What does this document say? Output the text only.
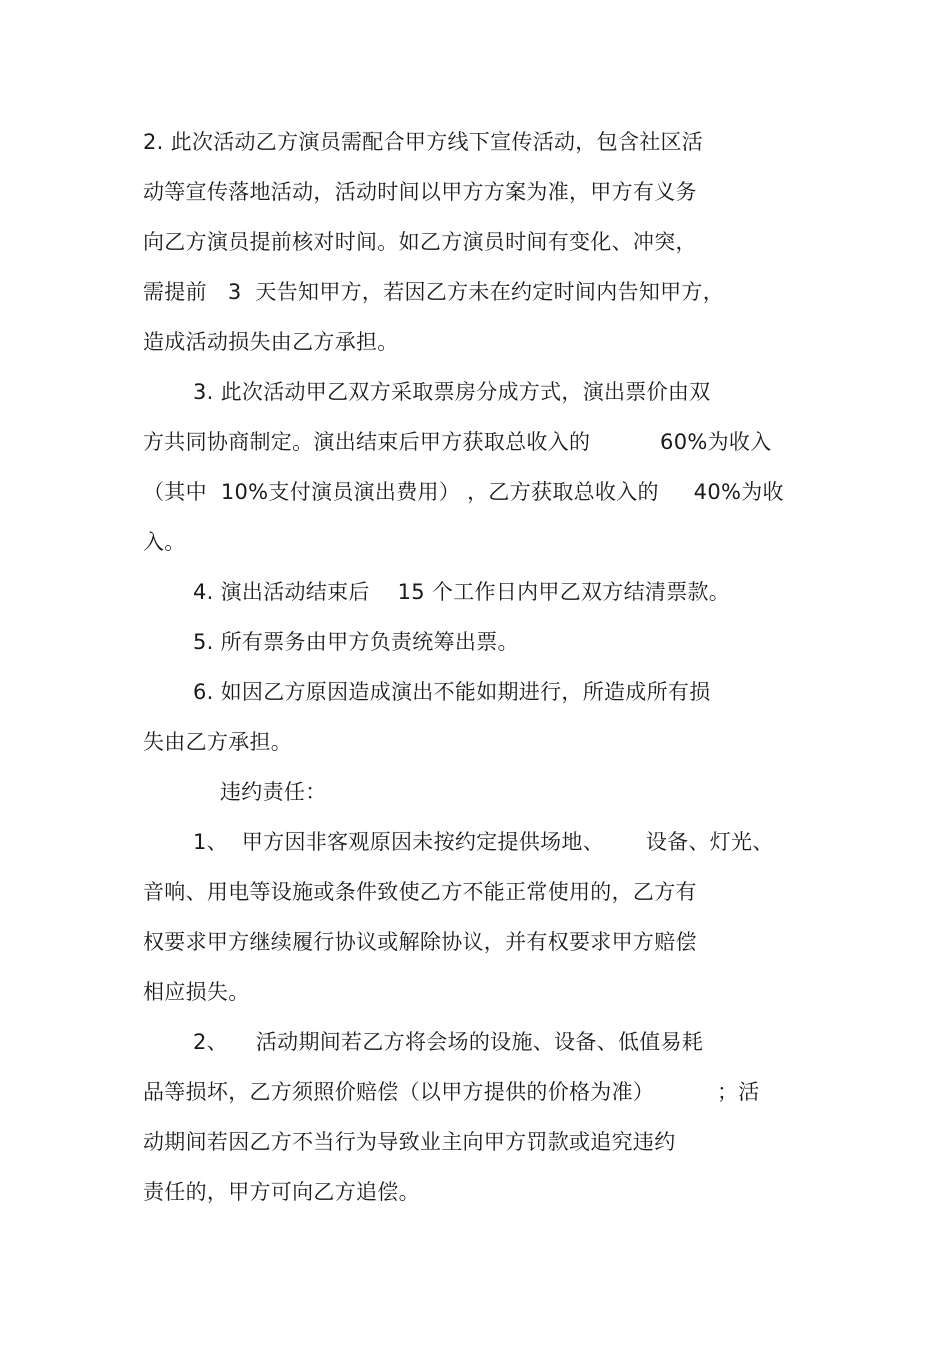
2. 此次活动乙方演员需配合甲方线下宣传活动，包含社区活
动等宣传落地活动，活动时间以甲方方案为准，甲方有义务
向乙方演员提前核对时间。如乙方演员时间有变化、冲突，
需提前   3  天告知甲方，若因乙方未在约定时间内告知甲方，
造成活动损失由乙方承担。
3. 此次活动甲乙双方采取票房分成方式，演出票价由双
方共同协商制定。演出结束后甲方获取总收入的          60%为收入
（其中  10%支付演员演出费用） ，乙方获取总收入的     40%为收
入。
4. 演出活动结束后    15 个工作日内甲乙双方结清票款。
5. 所有票务由甲方负责统筹出票。
6. 如因乙方原因造成演出不能如期进行，所造成所有损
失由乙方承担。
违约责任：
1、  甲方因非客观原因未按约定提供场地、      设备、灯光、
音响、用电等设施或条件致使乙方不能正常使用的，乙方有
权要求甲方继续履行协议或解除协议，并有权要求甲方赔偿
相应损失。
2、    活动期间若乙方将会场的设施、设备、低值易耗
品等损坏，乙方须照价赔偿（以甲方提供的价格为准）         ；活
动期间若因乙方不当行为导致业主向甲方罚款或追究违约
责任的，甲方可向乙方追偿。
